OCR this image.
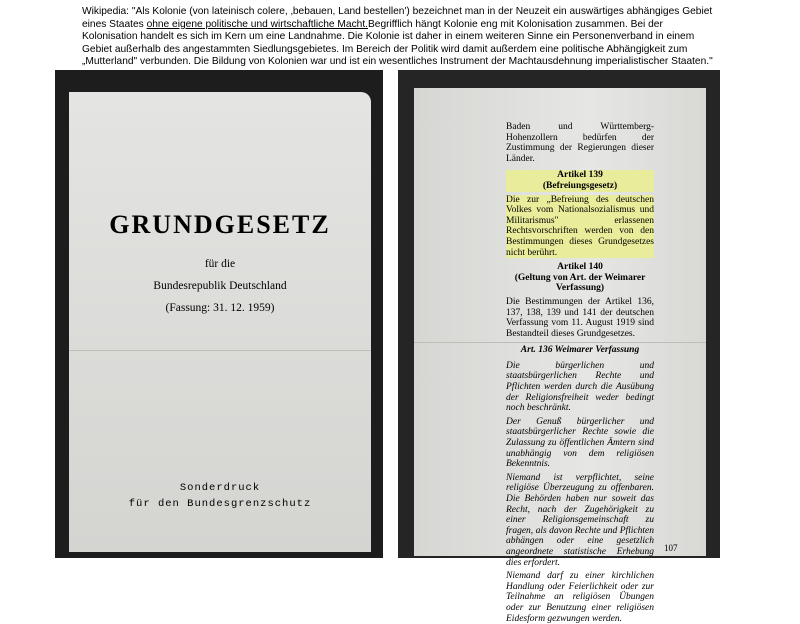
Wikipedia: "Als Kolonie (von lateinisch colere, ‚bebauen, Land bestellen') bezeichnet man in der Neuzeit ein auswärtiges abhängiges Gebiet eines Staates ohne eigene politische und wirtschaftliche Macht.Begrifflich hängt Kolonie eng mit Kolonisation zusammen. Bei der Kolonisation handelt es sich im Kern um eine Landnahme. Die Kolonie ist daher in einem weiteren Sinne ein Personenverband in einem Gebiet außerhalb des angestammten Siedlungsgebietes. Im Bereich der Politik wird damit außerdem eine politische Abhängigkeit zum „Mutterland" verbunden. Die Bildung von Kolonien war und ist ein wesentliches Instrument der Machtausdehnung imperialistischer Staaten."
GRUNDGESETZ
für die
Bundesrepublik Deutschland
(Fassung: 31. 12. 1959)
Sonderdruck
für den Bundesgrenzschutz
Baden und Württemberg-Hohenzollern bedürfen der Zustimmung der Regierungen dieser Länder.
Artikel 139
(Befreiungsgesetz)
Die zur „Befreiung des deutschen Volkes vom Nationalsozialismus und Militarismus" erlassenen Rechtsvorschriften werden von den Bestimmungen dieses Grundgesetzes nicht berührt.
Artikel 140
(Geltung von Art. der Weimarer Verfassung)
Die Bestimmungen der Artikel 136, 137, 138, 139 und 141 der deutschen Verfassung vom 11. August 1919 sind Bestandteil dieses Grundgesetzes.
Art. 136 Weimarer Verfassung
Die bürgerlichen und staatsbürgerlichen Rechte und Pflichten werden durch die Ausübung der Religionsfreiheit weder bedingt noch beschränkt.
Der Genuß bürgerlicher und staatsbürgerlicher Rechte sowie die Zulassung zu öffentlichen Ämtern sind unabhängig von dem religiösen Bekenntnis.
Niemand ist verpflichtet, seine religiöse Überzeugung zu offenbaren. Die Behörden haben nur soweit das Recht, nach der Zugehörigkeit zu einer Religionsgemeinschaft zu fragen, als davon Rechte und Pflichten abhängen oder eine gesetzlich angeordnete statistische Erhebung dies erfordert.
Niemand darf zu einer kirchlichen Handlung oder Feierlichkeit oder zur Teilnahme an religiösen Übungen oder zur Benutzung einer religiösen Eidesform gezwungen werden.
107
